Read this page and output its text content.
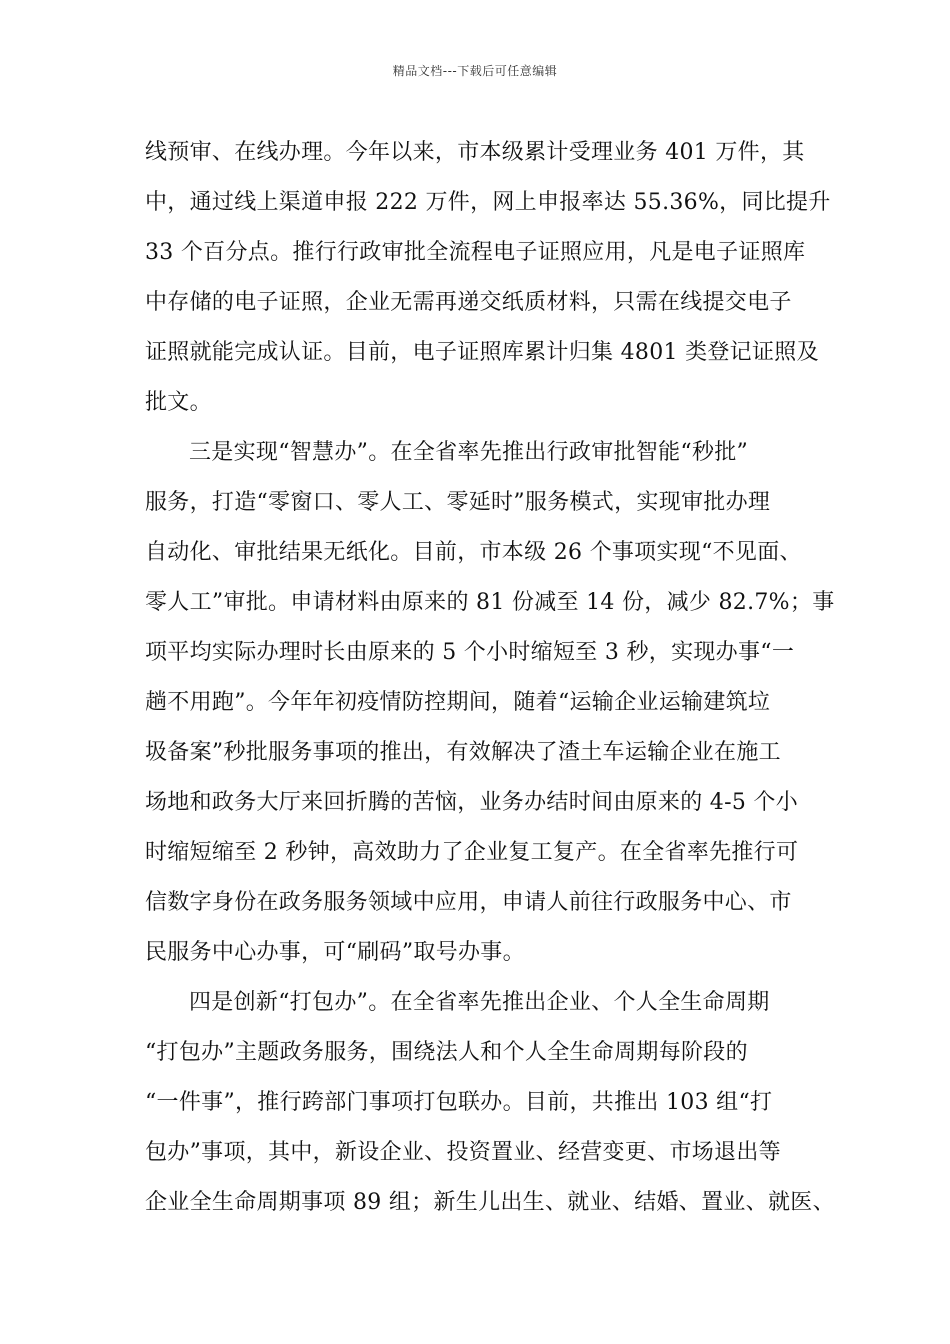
精品文档---下载后可任意编辑
线预审、在线办理。今年以来，市本级累计受理业务 401 万件，其
中，通过线上渠道申报 222 万件，网上申报率达 55.36%，同比提升
33 个百分点。推行行政审批全流程电子证照应用，凡是电子证照库
中存储的电子证照，企业无需再递交纸质材料，只需在线提交电子
证照就能完成认证。目前，电子证照库累计归集 4801 类登记证照及
批文。
三是实现“智慧办”。在全省率先推出行政审批智能“秒批”
服务，打造“零窗口、零人工、零延时”服务模式，实现审批办理
自动化、审批结果无纸化。目前，市本级 26 个事项实现“不见面、
零人工”审批。申请材料由原来的 81 份减至 14 份，减少 82.7%；事
项平均实际办理时长由原来的 5 个小时缩短至 3 秒，实现办事“一
趟不用跑”。今年年初疫情防控期间，随着“运输企业运输建筑垃
圾备案”秒批服务事项的推出，有效解决了渣土车运输企业在施工
场地和政务大厅来回折腾的苦恼，业务办结时间由原来的 4-5 个小
时缩短缩至 2 秒钟，高效助力了企业复工复产。在全省率先推行可
信数字身份在政务服务领域中应用，申请人前往行政服务中心、市
民服务中心办事，可“刷码”取号办事。
四是创新“打包办”。在全省率先推出企业、个人全生命周期
“打包办”主题政务服务，围绕法人和个人全生命周期每阶段的
“一件事”，推行跨部门事项打包联办。目前，共推出 103 组“打
包办”事项，其中，新设企业、投资置业、经营变更、市场退出等
企业全生命周期事项 89 组；新生儿出生、就业、结婚、置业、就医、
